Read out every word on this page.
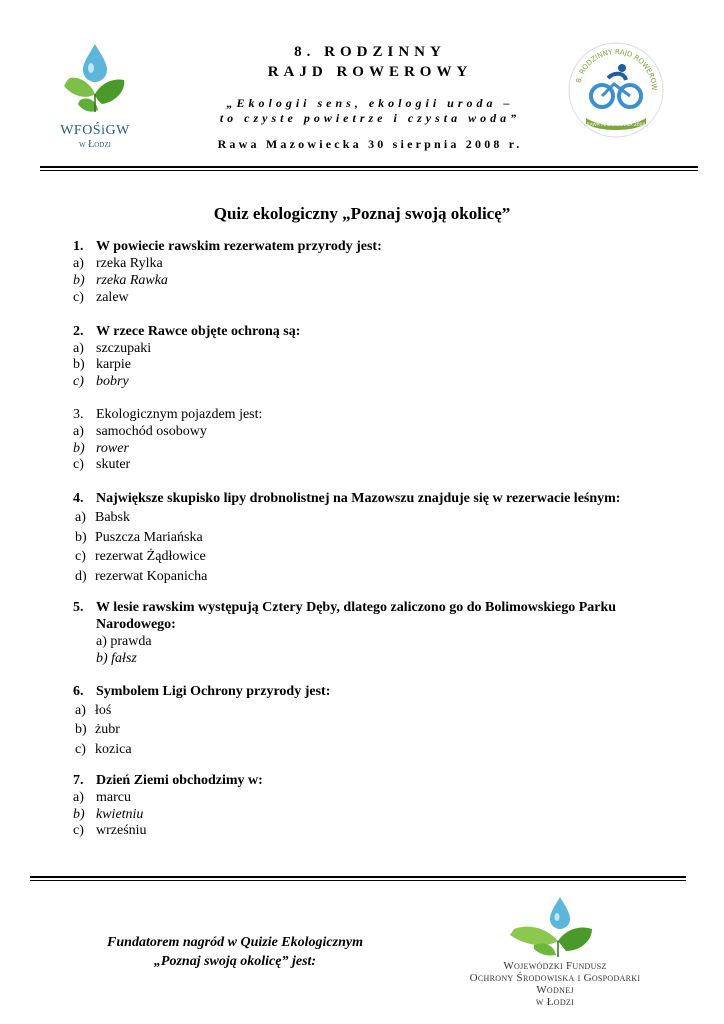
WFOŚiGW
w Łodzi
8. RODZINNY
RAJD ROWEROWY
„Ekologii sens, ekologii uroda –
to czyste powietrze i czysta woda”
Rawa Mazowiecka 30 sierpnia 2008 r.
8. RODZINNY RAJD ROWEROW
RAWA MAZOWIECKA 2008
Quiz ekologiczny „Poznaj swoją okolicę”
1. W powiecie rawskim rezerwatem przyrody jest:
a) rzeka Rylka
b) rzeka Rawka
c) zalew
2. W rzece Rawce objęte ochroną są:
a) szczupaki
b) karpie
c) bobry
3. Ekologicznym pojazdem jest:
a) samochód osobowy
b) rower
c) skuter
4. Największe skupisko lipy drobnolistnej na Mazowszu znajduje się w rezerwacie leśnym:
a) Babsk
b) Puszcza Mariańska
c) rezerwat Żądłowice
d) rezerwat Kopanicha
5. W lesie rawskim występują Cztery Dęby, dlatego zaliczono go do Bolimowskiego Parku
Narodowego:
a) prawda
b) fałsz
6. Symbolem Ligi Ochrony przyrody jest:
a) łoś
b) żubr
c) kozica
7. Dzień Ziemi obchodzimy w:
a) marcu
b) kwietniu
c) wrześniu
Fundatorem nagród w Quizie Ekologicznym
„Poznaj swoją okolicę” jest:	Wojewódzki Fundusz
Ochrony Środowiska i Gospodarki Wodnej
w Łodzi
